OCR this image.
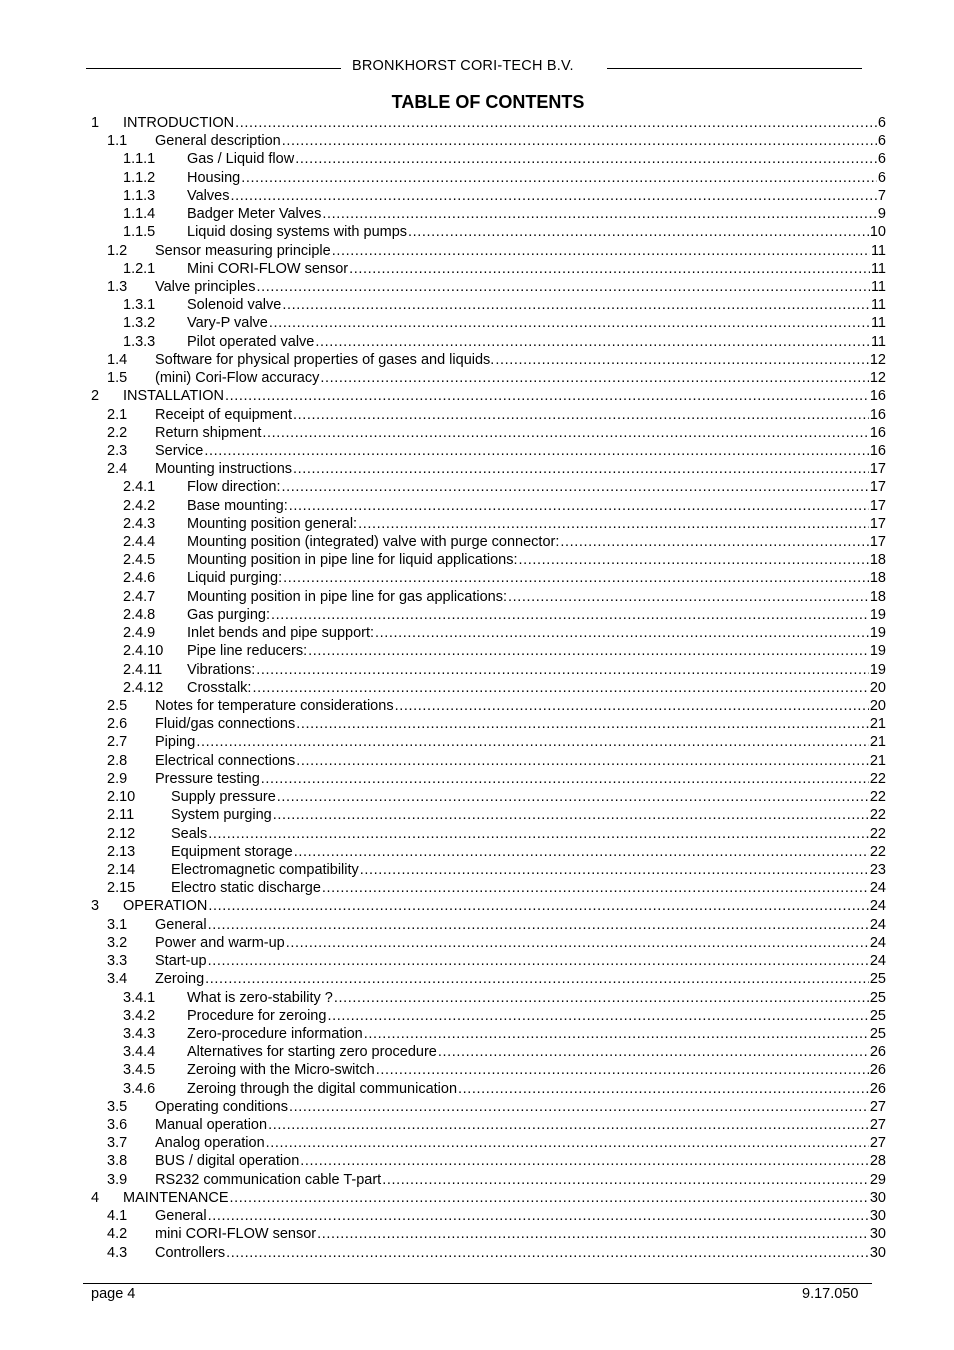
BRONKHORST CORI-TECH B.V.
TABLE OF CONTENTS
1 INTRODUCTION .....	6
1.1 General description .....	6
1.1.1 Gas / Liquid flow .....	6
1.1.2 Housing .....	6
1.1.3 Valves .....	7
1.1.4 Badger Meter Valves .....	9
1.1.5 Liquid dosing systems with pumps .....	10
1.2 Sensor measuring principle .....	11
1.2.1 Mini CORI-FLOW sensor .....	11
1.3 Valve principles .....	11
1.3.1 Solenoid valve .....	11
1.3.2 Vary-P valve .....	11
1.3.3 Pilot operated valve .....	11
1.4 Software for physical properties of gases and liquids. .....	12
1.5 (mini) Cori-Flow accuracy .....	12
2 INSTALLATION .....	16
2.1 Receipt of equipment .....	16
2.2 Return shipment .....	16
2.3 Service .....	16
2.4 Mounting instructions .....	17
2.4.1 Flow direction: .....	17
2.4.2 Base mounting: .....	17
2.4.3 Mounting position general: .....	17
2.4.4 Mounting position (integrated) valve with purge connector: .....	17
2.4.5 Mounting position in pipe line for liquid applications: .....	18
2.4.6 Liquid purging: .....	18
2.4.7 Mounting position in pipe line for gas applications: .....	18
2.4.8 Gas purging: .....	19
2.4.9 Inlet bends and pipe support: .....	19
2.4.10 Pipe line reducers: .....	19
2.4.11 Vibrations: .....	19
2.4.12 Crosstalk: .....	20
2.5 Notes for temperature considerations .....	20
2.6 Fluid/gas connections .....	21
2.7 Piping .....	21
2.8 Electrical connections .....	21
2.9 Pressure testing .....	22
2.10 Supply pressure .....	22
2.11	System purging .....	22
2.12 Seals .....	22
2.13 Equipment storage .....	22
2.14 Electromagnetic compatibility .....	23
2.15 Electro static discharge .....	24
3 OPERATION .....	24
3.1 General .....	24
3.2 Power and warm-up .....	24
3.3 Start-up .....	24
3.4 Zeroing .....	25
3.4.1 What is zero-stability ? .....	25
3.4.2 Procedure for zeroing .....	25
3.4.3 Zero-procedure information .....	25
3.4.4 Alternatives for starting zero procedure .....	26
3.4.5 Zeroing with the Micro-switch .....	26
3.4.6 Zeroing through the digital communication .....	26
3.5 Operating conditions .....	27
3.6 Manual operation .....	27
3.7 Analog operation .....	27
3.8 BUS / digital operation .....	28
3.9 RS232 communication cable T-part .....	29
4 MAINTENANCE .....	30
4.1 General .....	30
4.2 mini CORI-FLOW sensor .....	30
4.3 Controllers .....	30
page 4	9.17.050
